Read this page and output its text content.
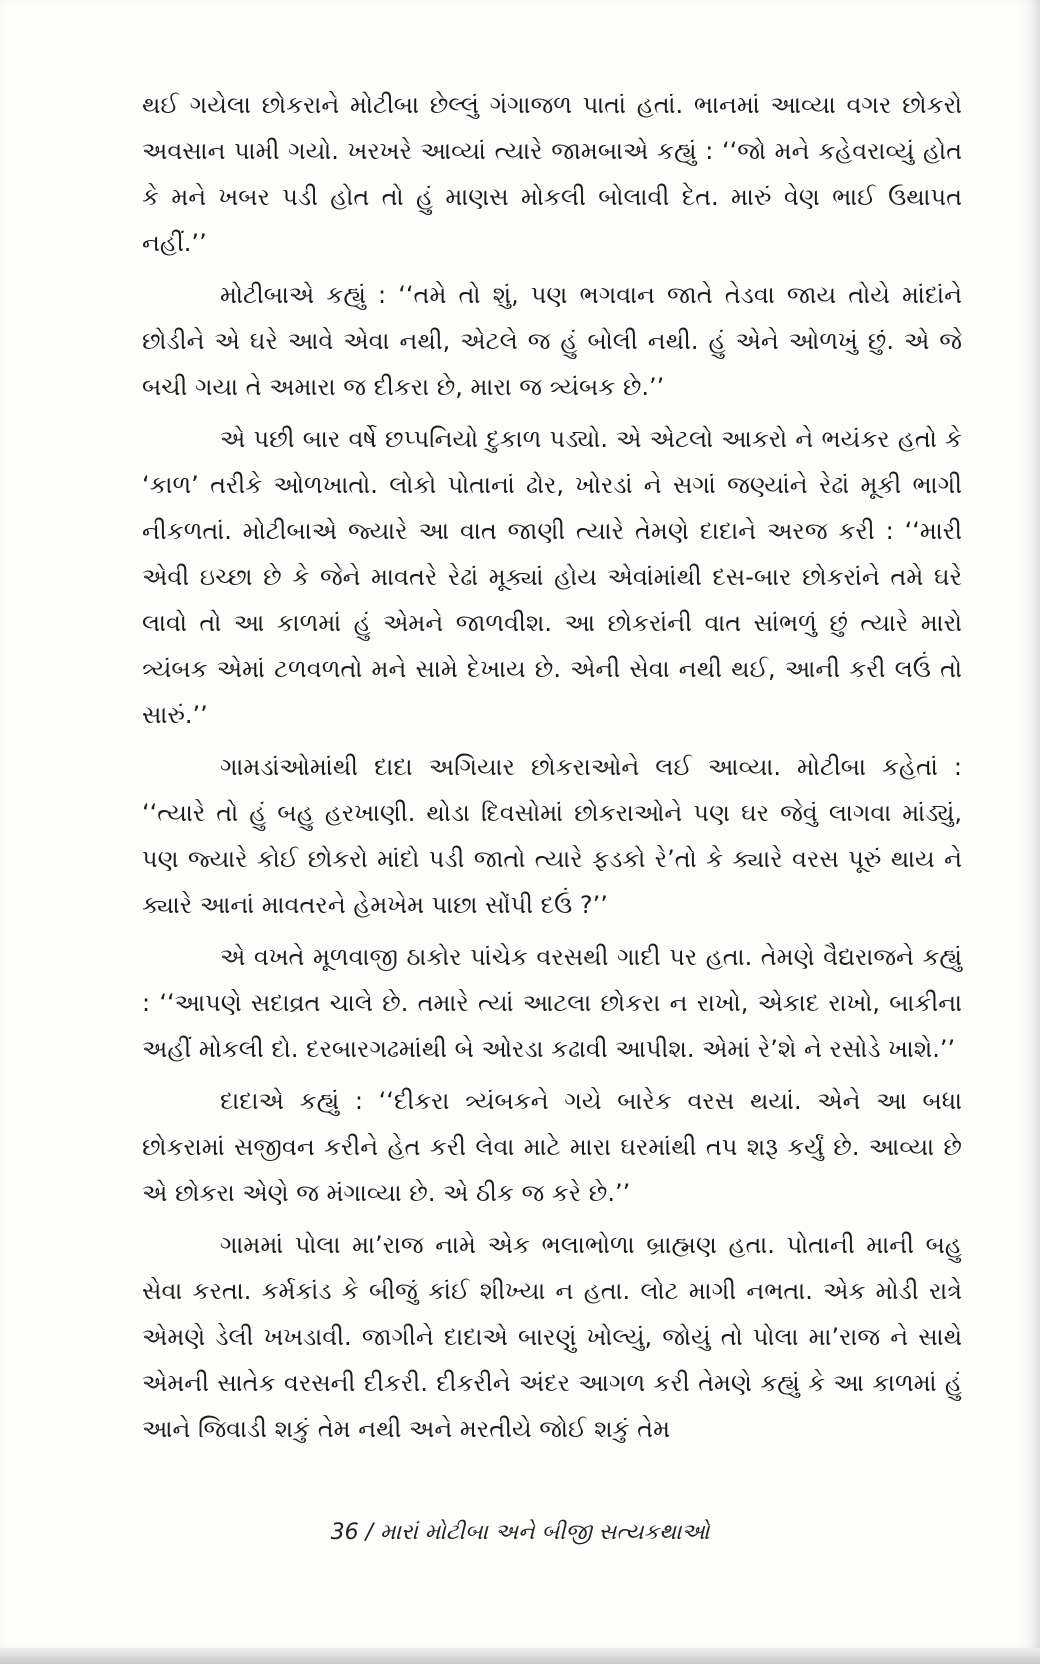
થઈ ગયેલા છોકરાને મોટીબા છેલ્લું ગંગાજળ પાતાં હતાં. ભાનમાં આવ્યા વગર છોકરો અવસાન પામી ગયો. ખરખરે આવ્યાં ત્યારે જામબાએ કહ્યું : ‘‘જો મને કહેવરાવ્યું હોત કે મને ખબર પડી હોત તો હું માણસ મોકલી બોલાવી દેત. મારું વેણ ભાઈ ઉથાપત નહીં.’’

મોટીબાએ કહ્યું : ‘‘તમે તો શું, પણ ભગવાન જાતે તેડવા જાય તોયે માંદાંને છોડીને એ ઘરે આવે એવા નથી, એટલે જ હું બોલી નથી. હું એને ઓળખું છું. એ જે બચી ગયા તે અમારા જ દીકરા છે, મારા જ ત્ર્યંબક છે.’’

એ પછી બાર વર્ષે છપ્પનિયો દુકાળ પડ્યો. એ એટલો આકરો ને ભયંકર હતો કે ‘કાળ’ તરીકે ઓળખાતો. લોકો પોતાનાં ઢોર, ખોરડાં ને સગાં જણ્યાંને રેઢાં મૂકી ભાગી નીકળતાં. મોટીબાએ જ્યારે આ વાત જાણી ત્યારે તેમણે દાદાને અરજ કરી : ‘‘મારી એવી ઇચ્છા છે કે જેને માવતરે રેઢાં મૂક્યાં હોય એવાંમાંથી દસ-બાર છોકરાંને તમે ઘરે લાવો તો આ કાળમાં હું એમને જાળવીશ. આ છોકરાંની વાત સાંભળું છું ત્યારે મારો ત્ર્યંબક એમાં ટળવળતો મને સામે દેખાય છે. એની સેવા નથી થઈ, આની કરી લઉં તો સારું.’’

ગામડાંઓમાંથી દાદા અગિયાર છોકરાઓને લઈ આવ્યા. મોટીબા કહેતાં : ‘‘ત્યારે તો હું બહુ હરખાણી. થોડા દિવસોમાં છોકરાઓને પણ ઘર જેવું લાગવા માંડ્યું, પણ જ્યારે કોઈ છોકરો માંદો પડી જાતો ત્યારે ફડકો રે’તો કે ક્યારે વરસ પૂરું થાય ને ક્યારે આનાં માવતરને હેમખેમ પાછા સોંપી દઉં ?’’

એ વખતે મૂળવાજી ઠાકોર પાંચેક વરસથી ગાદી પર હતા. તેમણે વૈદ્યરાજને કહ્યું : ‘‘આપણે સદાવ્રત ચાલે છે. તમારે ત્યાં આટલા છોકરા ન રાખો, એકાદ રાખો, બાકીના અહીં મોકલી દો. દરબારગઢમાંથી બે ઓરડા કઢાવી આપીશ. એમાં રે’શે ને રસોડે ખાશે.’’

દાદાએ કહ્યું : ‘‘દીકરા ત્ર્યંબકને ગયે બારેક વરસ થયાં. એને આ બધા છોકરામાં સજીવન કરીને હેત કરી લેવા માટે મારા ઘરમાંથી તપ શરૂ કર્યું છે. આવ્યા છે એ છોકરા એણે જ મંગાવ્યા છે. એ ઠીક જ કરે છે.’’

ગામમાં પોલા મા’રાજ નામે એક ભલાભોળા બ્રાહ્મણ હતા. પોતાની માની બહુ સેવા કરતા. કર્મકાંડ કે બીજું કાંઈ શીખ્યા ન હતા. લોટ માગી નભતા. એક મોડી રાત્રે એમણે ડેલી ખખડાવી. જાગીને દાદાએ બારણું ખોલ્યું, જોયું તો પોલા મા’રાજ ને સાથે એમની સાતેક વરસની દીકરી. દીકરીને અંદર આગળ કરી તેમણે કહ્યું કે આ કાળમાં હું આને જિવાડી શકું તેમ નથી અને મરતીયે જોઈ શકું તેમ

36 / મારાં મોટીબા અને બીજી સત્યકથાઓ
